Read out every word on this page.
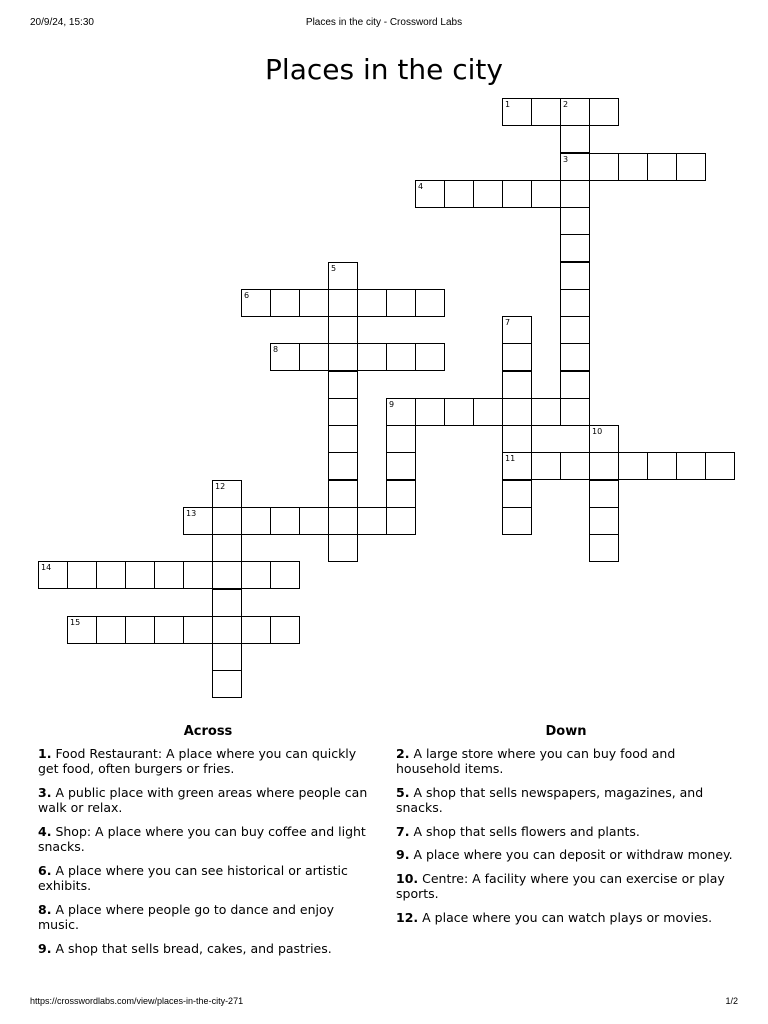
20/9/24, 15:30	Places in the city - Crossword Labs
Places in the city
1	2
3
4
5
6
7
11
8
9
10
12
13
14
15
Across
1. Food Restaurant: A place where you can quickly get food, often burgers or fries.
3. A public place with green areas where people can walk or relax.
4. Shop: A place where you can buy coffee and light snacks.
6. A place where you can see historical or artistic exhibits.
8. A place where people go to dance and enjoy music.
9. A shop that sells bread, cakes, and pastries.
Down
2. A large store where you can buy food and household items.
5. A shop that sells newspapers, magazines, and snacks.
7. A shop that sells flowers and plants.
9. A place where you can deposit or withdraw money.
10. Centre: A facility where you can exercise or play sports.
12. A place where you can watch plays or movies.
https://crosswordlabs.com/view/places-in-the-city-271	1/2
